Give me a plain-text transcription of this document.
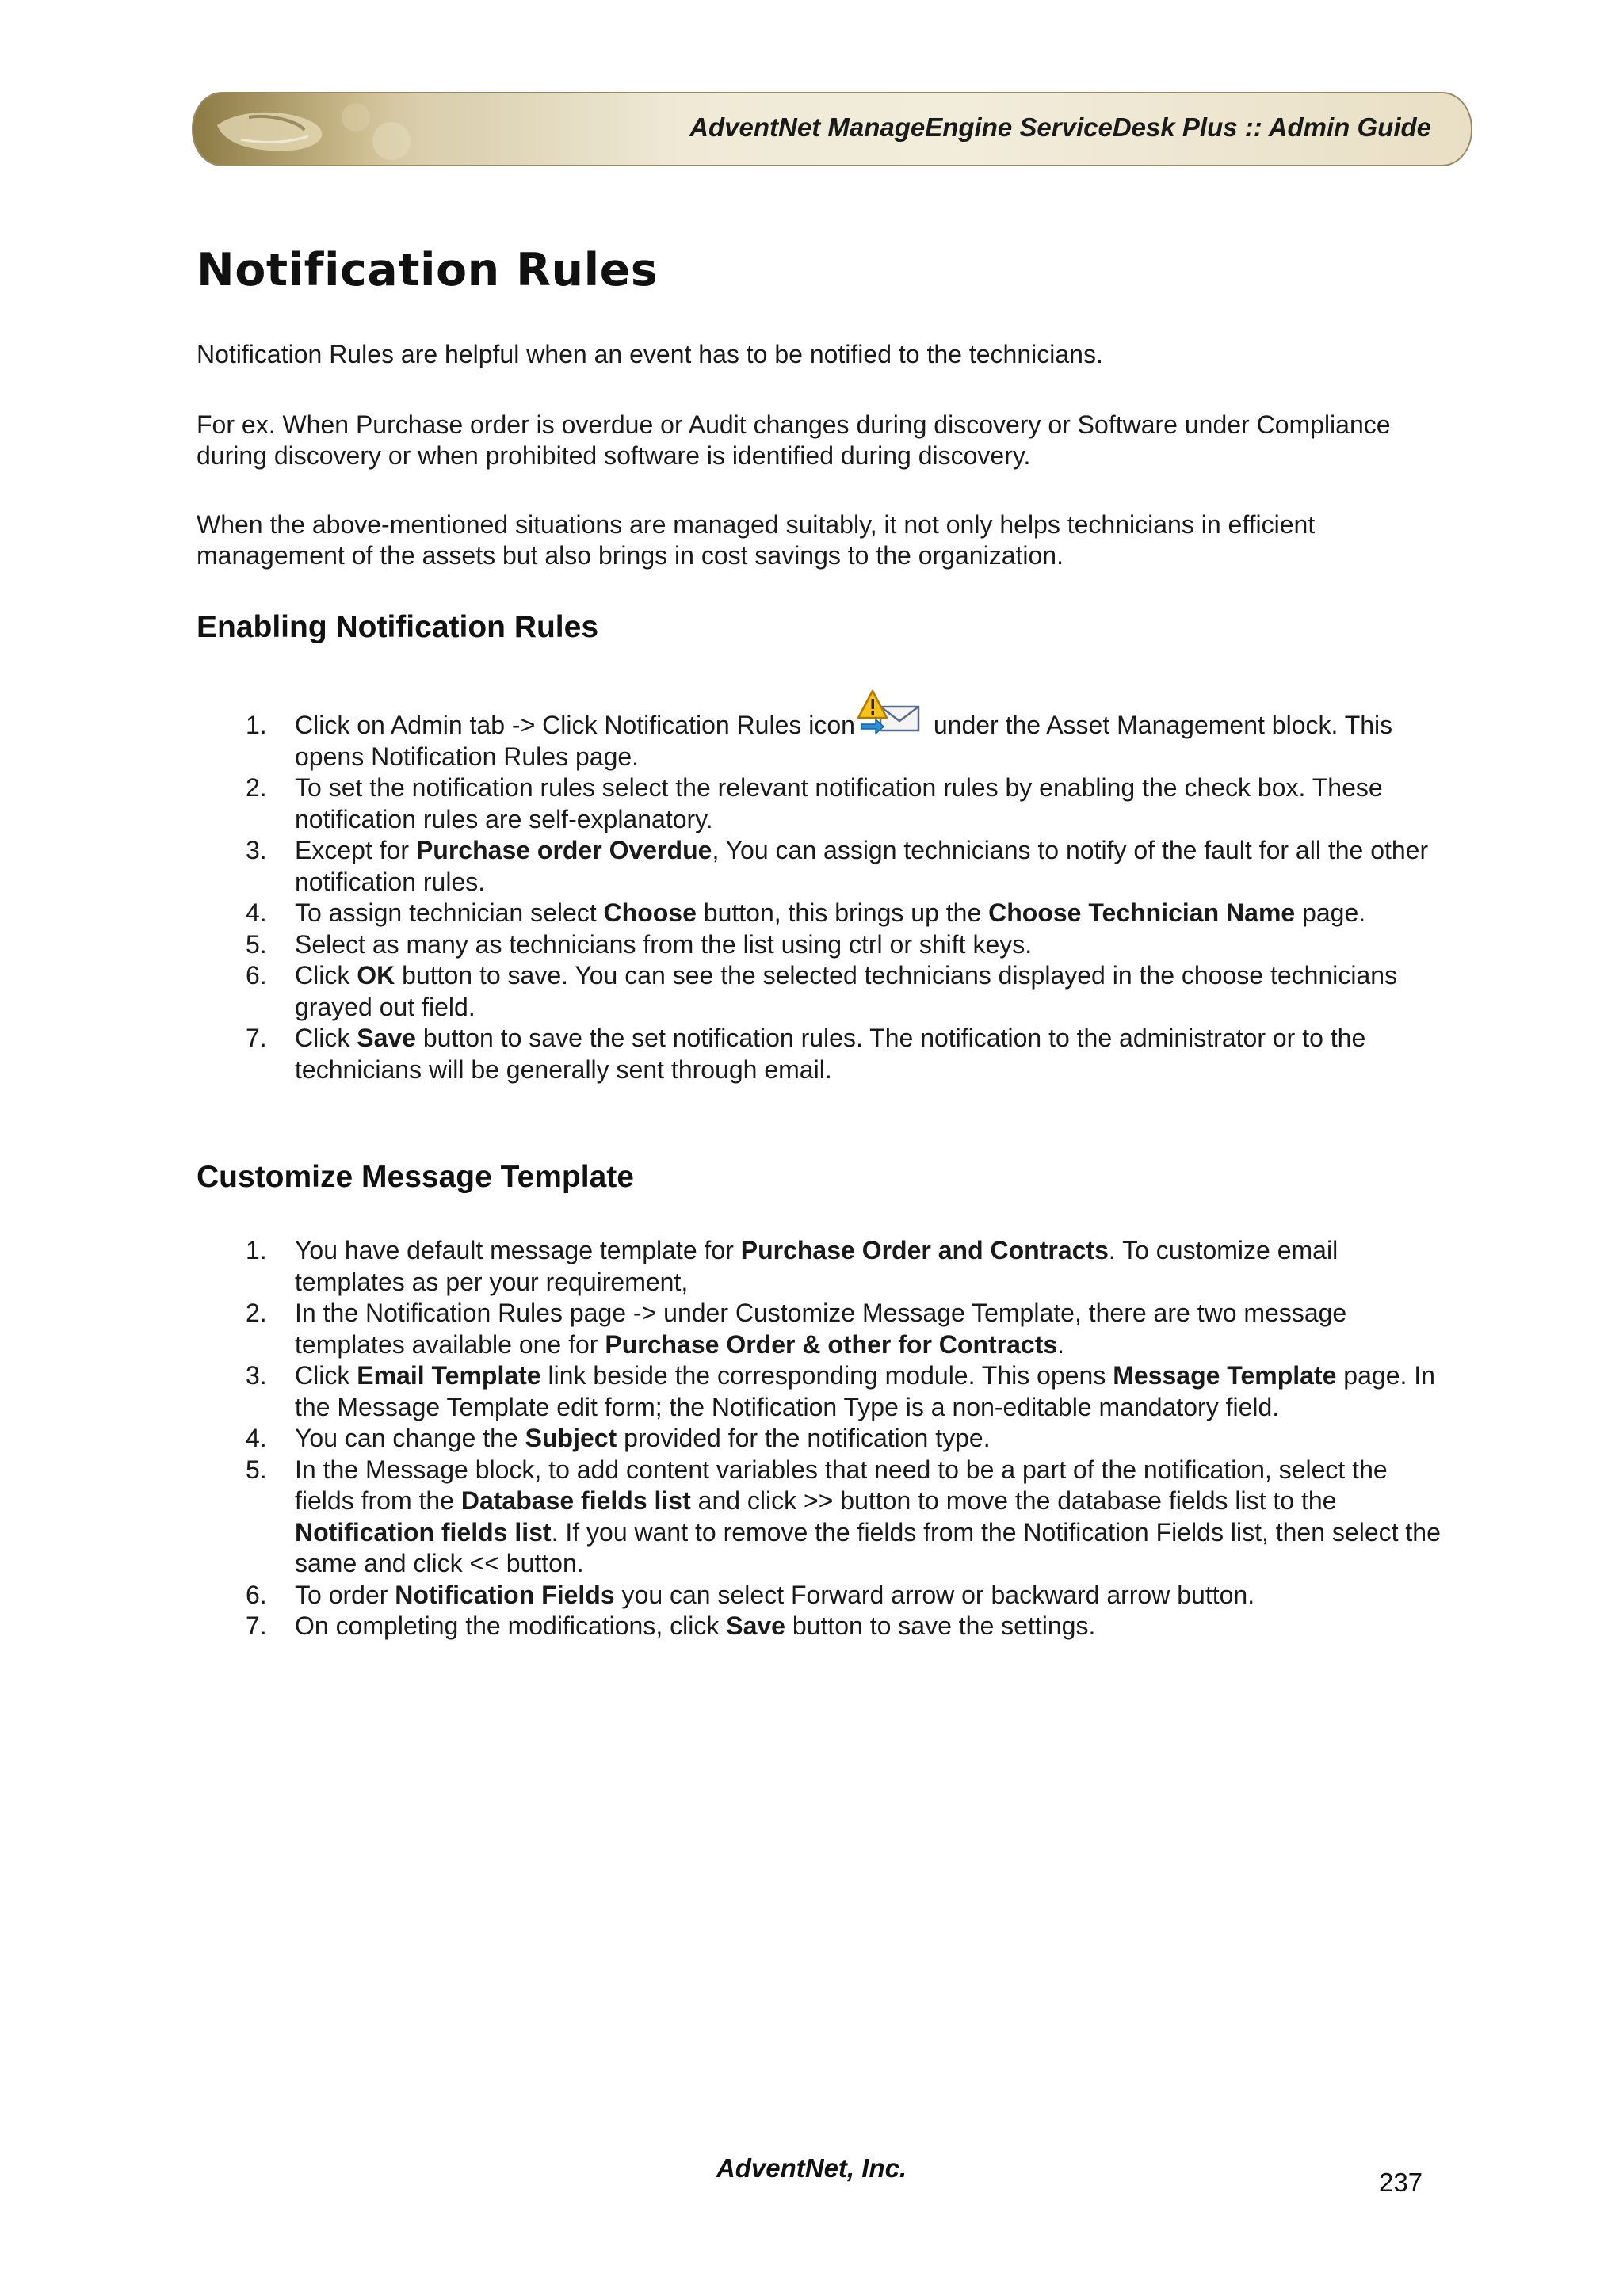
AdventNet ManageEngine ServiceDesk Plus :: Admin Guide
Notification Rules

Notification Rules are helpful when an event has to be notified to the technicians.

For ex. When Purchase order is overdue or Audit changes during discovery or Software under Compliance during discovery or when prohibited software is identified during discovery.

When the above-mentioned situations are managed suitably, it not only helps technicians in efficient management of the assets but also brings in cost savings to the organization.

Enabling Notification Rules
1. Click on Admin tab -> Click Notification Rules icon	under the Asset Management block. This opens Notification Rules page.
2. To set the notification rules select the relevant notification rules by enabling the check box. These notification rules are self-explanatory.
3. Except for Purchase order Overdue, You can assign technicians to notify of the fault for all the other notification rules.
4. To assign technician select Choose button, this brings up the Choose Technician Name page.
5. Select as many as technicians from the list using ctrl or shift keys.
6. Click OK button to save. You can see the selected technicians displayed in the choose technicians grayed out field.
7. Click Save button to save the set notification rules. The notification to the administrator or to the technicians will be generally sent through email.
Customize Message Template
1. You have default message template for Purchase Order and Contracts. To customize email templates as per your requirement,
2. In the Notification Rules page -> under Customize Message Template, there are two message templates available one for Purchase Order & other for Contracts.
3. Click Email Template link beside the corresponding module. This opens Message Template page. In the Message Template edit form; the Notification Type is a non-editable mandatory field.
4. You can change the Subject provided for the notification type.
5. In the Message block, to add content variables that need to be a part of the notification, select the fields from the Database fields list and click >> button to move the database fields list to the Notification fields list. If you want to remove the fields from the Notification Fields list, then select the same and click << button.
6. To order Notification Fields you can select Forward arrow or backward arrow button.
7. On completing the modifications, click Save button to save the settings.
AdventNet, Inc.	237
